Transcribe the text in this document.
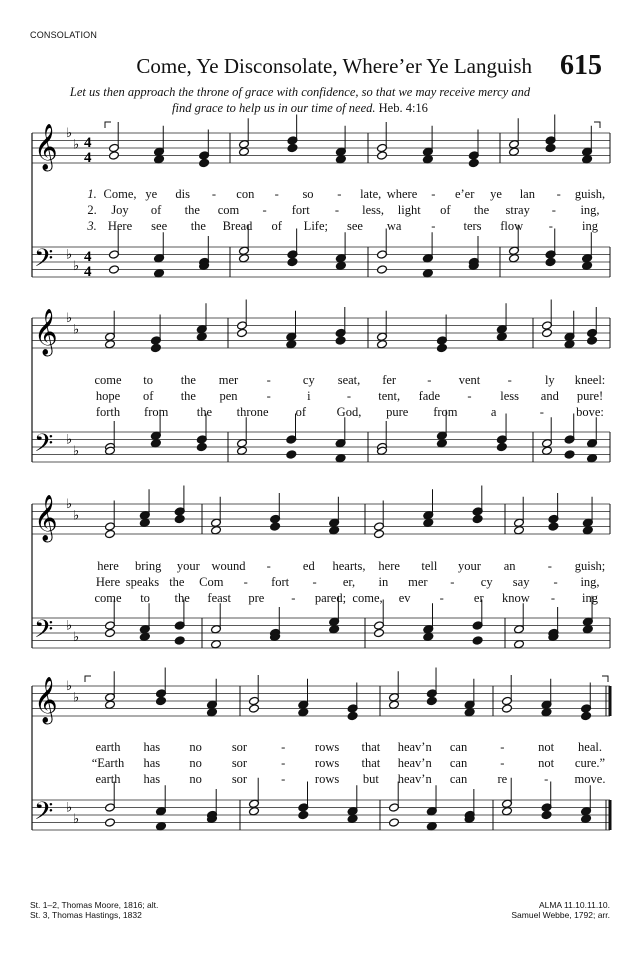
CONSOLATION
Come, Ye Disconsolate, Where’er Ye Languish 615
Let us then approach the throne of grace with confidence, so that we may receive mercy and find grace to help us in our time of need. Heb. 4:16
𝄞
𝄢
♭
♭
♭
♭
4
4
4
4
𝄞
𝄢
♭
♭
♭
♭
𝄞
𝄢
♭
♭
♭
♭
𝄞
𝄢
♭
♭
♭
♭
1. Come, ye dis - con - so - late, where - e’er ye lan - guish,
2. Joy of the com - fort - less, light of the stray - ing,
3. Here see the Bread of Life; see wa - ters flow - ing
come to the mer -	cy seat, fer - vent -	ly kneel:
hope of the pen -	i	- tent, fade - less and pure!
forth from the throne of God, pure from	a	-	bove:
here bring your wound -	ed hearts, here tell your an	- guish;
Here speaks the Com - fort - er, in mer - cy say - ing,
come to the feast pre - pared; come, ev - er know - ing
earth has no sor	- rows that heav’n can	-	not heal.
“Earth has no sor	- rows that heav’n can	-	not cure.”
earth has no sor	- rows but heav’n can re	- move.
St. 1–2, Thomas Moore, 1816; alt.
St. 3, Thomas Hastings, 1832
ALMA 11.10.11.10.
Samuel Webbe, 1792; arr.
